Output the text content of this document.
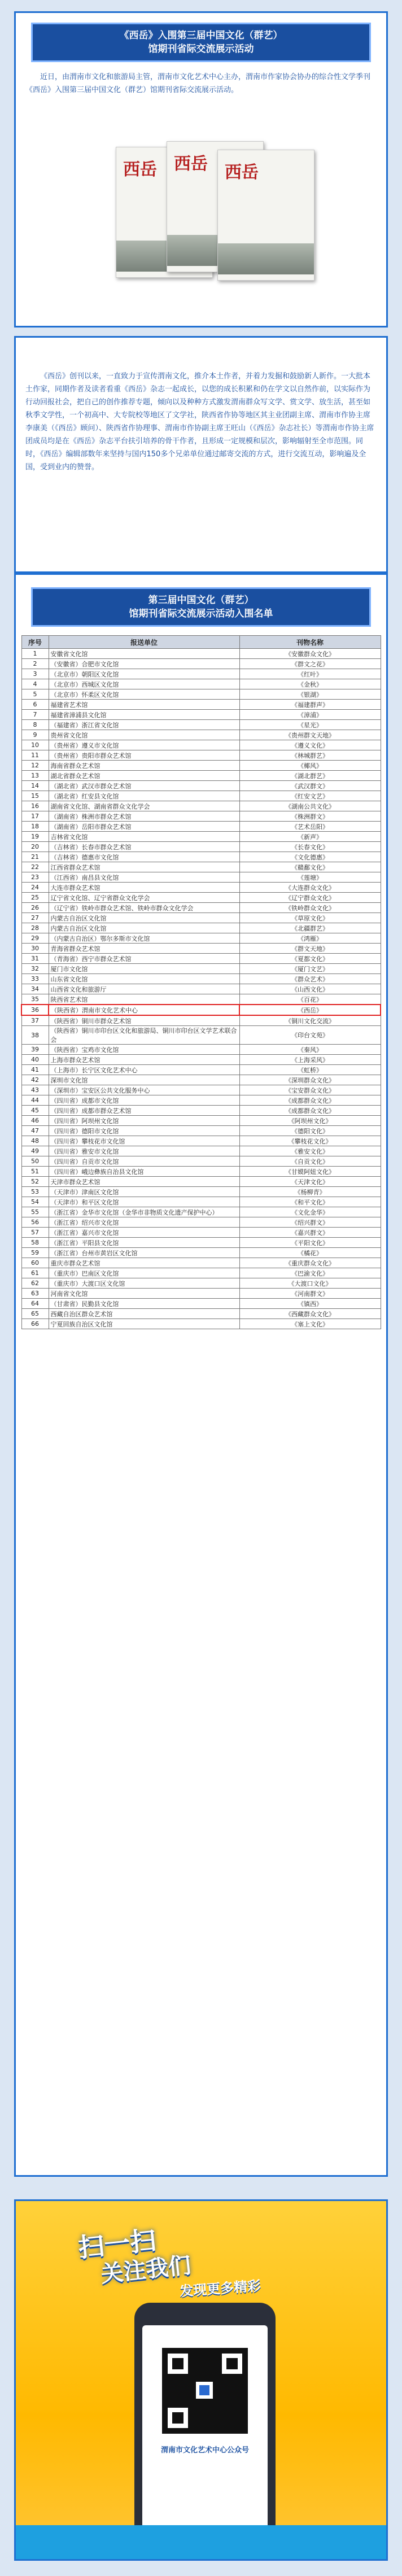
《西岳》入围第三届中国文化（群艺）
馆期刊省际交流展示活动
近日，由渭南市文化和旅游局主管，渭南市文化艺术中心主办，渭南市作家协会协办的综合性文学季刊《西岳》入围第三届中国文化（群艺）馆期刊省际交流展示活动。
西岳 西岳 西岳
《西岳》创刊以来，一直致力于宣传渭南文化，推介本土作者，并着力发掘和鼓励新人新作。一大批本土作家，同期作者及读者看重《西岳》杂志一起成长，以您的成长积累和仍在学文以自然作前，以实际作为行动回报社会，把自己的创作推荐专题，倾向以及种种方式激发渭南群众写文学、赏文学、放生活，甚至如秋季文学性，一个初高中、大专院校等地区了文学社，陕西省作协等地区其主业团副主席、渭南市作协主席李康美（《西岳》顾问）、陕西省作协理事、渭南市作协副主席王旺山（《西岳》杂志社长）等渭南市作协主席团成员均是在《西岳》杂志平台扶引培养的骨干作者，且形成一定规模和层次，影响辐射至全市范围。同时，《西岳》编辑部数年来坚持与国内150多个兄弟单位通过邮寄交流的方式，进行交流互动，影响遍及全国，受到业内的赞誉。
第三届中国文化（群艺）
馆期刊省际交流展示活动入围名单
序号	报送单位	刊物名称
1	安徽省文化馆	《安徽群众文化》
2	（安徽省）合肥市文化馆	《群文之花》
3	（北京市）朝阳区文化馆	《红叶》
4	（北京市）西城区文化馆	《金秋》
5	（北京市）怀柔区文化馆	《银湖》
6	福建省艺术馆	《福建群声》
7	福建省漳浦县文化馆	《漳浦》
8	（福建省）浙江省文化馆	《星光》
9	贵州省文化馆	《贵州群文天地》
10	（贵州省）遵义市文化馆	《遵义文化》
11	（贵州省）贵阳市群众艺术馆	《林城群艺》
12	海南省群众艺术馆	《椰风》
13	湖北省群众艺术馆	《湖北群艺》
14	（湖北省）武汉市群众艺术馆	《武汉群文》
15	（湖北省）红安县文化馆	《红安文艺》
16	湖南省文化馆、湖南省群众文化学会	《湖南公共文化》
17	（湖南省）株洲市群众艺术馆	《株洲群文》
18	（湖南省）岳阳市群众艺术馆	《艺术岳阳》
19	吉林省文化馆	《新声》
20	（吉林省）长春市群众艺术馆	《长春文化》
21	（吉林省）德惠市文化馆	《文化德惠》
22	江西省群众艺术馆	《赣鄱文化》
23	（江西省）南昌县文化馆	《莲塘》
24	大连市群众艺术馆	《大连群众文化》
25	辽宁省文化馆、辽宁省群众文化学会	《辽宁群众文化》
26	（辽宁省）铁岭市群众艺术馆、铁岭市群众文化学会	《铁岭群众文化》
27	内蒙古自治区文化馆	《草原文化》
28	内蒙古自治区文化馆	《北疆群艺》
29	（内蒙古自治区）鄂尔多斯市文化馆	《鸿雁》
30	青海省群众艺术馆	《群文天地》
31	（青海省）西宁市群众艺术馆	《夏都文化》
32	厦门市文化馆	《厦门文艺》
33	山东省文化馆	《群众艺术》
34	山西省文化和旅游厅	《山西文化》
35	陕西省艺术馆	《百花》
36	（陕西省）渭南市文化艺术中心	《西岳》
37	（陕西省）铜川市群众艺术馆	《铜川文化交流》
38	（陕西省）铜川市印台区文化和旅游局、铜川市印台区文学艺术联合会	《印台文苑》
39	（陕西省）宝鸡市文化馆	《秦风》
40	上海市群众艺术馆	《上海采风》
41	（上海市）长宁区文化艺术中心	《虹桥》
42	深圳市文化馆	《深圳群众文化》
43	（深圳市）宝安区公共文化服务中心	《宝安群众文化》
44	（四川省）成都市文化馆	《成都群众文化》
45	（四川省）成都市群众艺术馆	《成都群众文化》
46	（四川省）阿坝州文化馆	《阿坝州文化》
47	（四川省）德阳市文化馆	《德阳文化》
48	（四川省）攀枝花市文化馆	《攀枝花文化》
49	（四川省）雅安市文化馆	《雅安文化》
50	（四川省）自贡市文化馆	《自贡文化》
51	（四川省）峨边彝族自治县文化馆	《甘嫫阿妞文化》
52	天津市群众艺术馆	《天津文化》
53	（天津市）津南区文化馆	《杨柳青》
54	（天津市）和平区文化馆	《和平文化》
55	（浙江省）金华市文化馆（金华市非物质文化遗产保护中心）	《文化金华》
56	（浙江省）绍兴市文化馆	《绍兴群文》
57	（浙江省）嘉兴市文化馆	《嘉兴群文》
58	（浙江省）平阳县文化馆	《平阳文化》
59	（浙江省）台州市黄岩区文化馆	《橘花》
60	重庆市群众艺术馆	《重庆群众文化》
61	（重庆市）巴南区文化馆	《巴渝文化》
62	（重庆市）大渡口区文化馆	《大渡口文化》
63	河南省文化馆	《河南群文》
64	（甘肃省）民勤县文化馆	《镇西》
65	西藏自治区群众艺术馆	《西藏群众文化》
66	宁夏回族自治区文化馆	《塞上文化》
扫一扫
关注我们
发现更多精彩
渭南市文化艺术中心公众号
